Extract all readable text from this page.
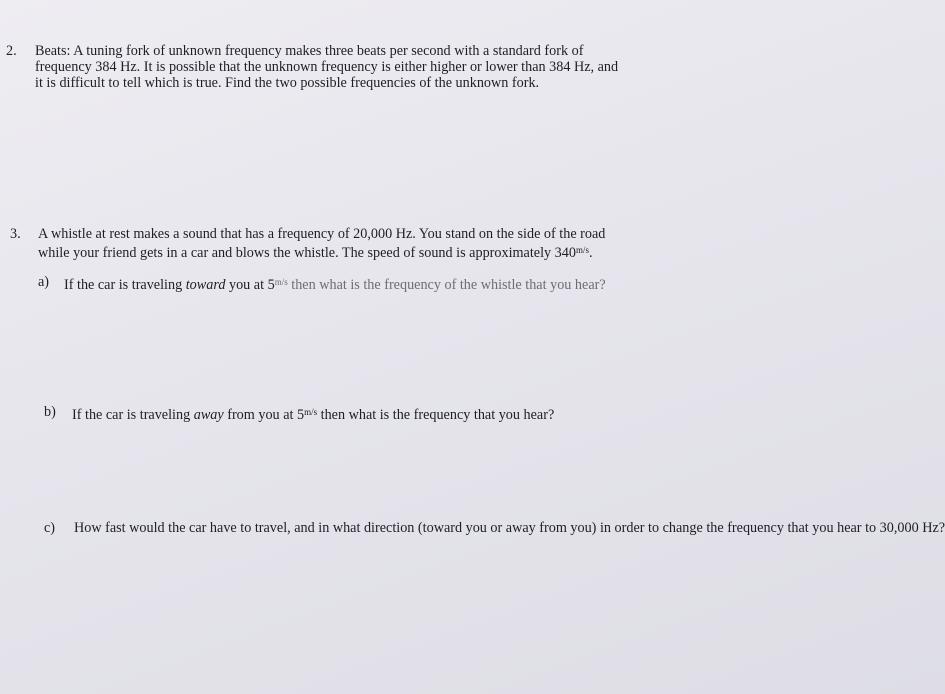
2. Beats: A tuning fork of unknown frequency makes three beats per second with a standard fork of
frequency 384 Hz. It is possible that the unknown frequency is either higher or lower than 384 Hz, and
it is difficult to tell which is true. Find the two possible frequencies of the unknown fork.
3. A whistle at rest makes a sound that has a frequency of 20,000 Hz. You stand on the side of the road
while your friend gets in a car and blows the whistle. The speed of sound is approximately $340^{m/s}$.
a) If the car is traveling toward you at $5^{m/s}$ then what is the frequency of the whistle that you hear?
b) If the car is traveling away from you at $5^{m/s}$ then what is the frequency that you hear?
c) How fast would the car have to travel, and in what direction (toward you or away from you) in order to change the frequency that you hear to 30,000 Hz?
